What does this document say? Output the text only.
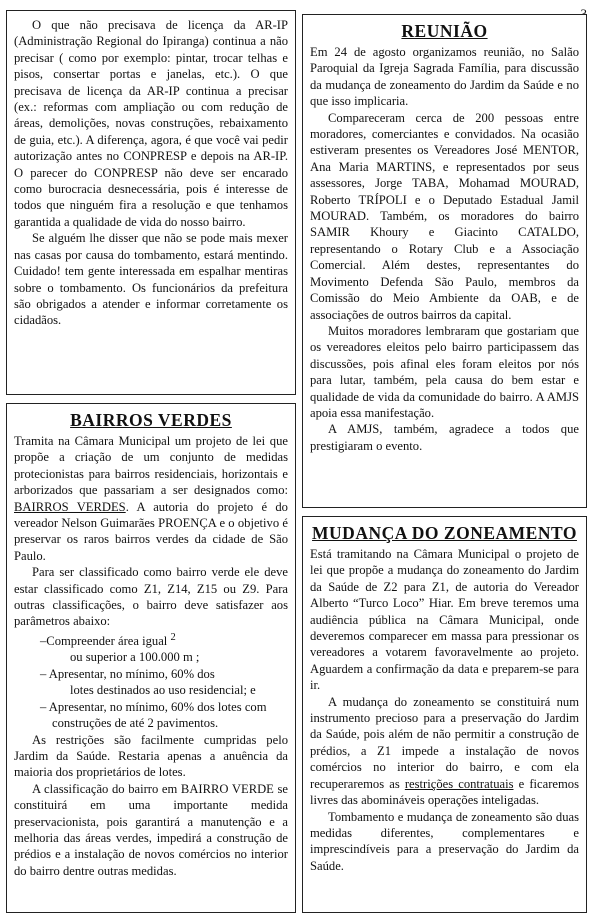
O que não precisava de licença da AR-IP (Administração Regional do Ipiranga) continua a não precisar ( como por exemplo: pintar, trocar telhas e pisos, consertar portas e janelas, etc.). O que precisava de licença da AR-IP continua a precisar (ex.: reformas com ampliação ou com redução de áreas, demolições, novas construções, rebaixamento de guia, etc.). A diferença, agora, é que você vai pedir autorização antes no CONPRESP e depois na AR-IP. O parecer do CONPRESP não deve ser encarado como burocracia desnecessária, pois é interesse de todos que ninguém fira a resolução e que tenhamos garantida a qualidade de vida do nosso bairro.

Se alguém lhe disser que não se pode mais mexer nas casas por causa do tombamento, estará mentindo. Cuidado! tem gente interessada em espalhar mentiras sobre o tombamento. Os funcionários da prefeitura são obrigados a atender e informar corretamente os cidadãos.

REUNIÃO

Em 24 de agosto organizamos reunião, no Salão Paroquial da Igreja Sagrada Família, para discussão da mudança de zoneamento do Jardim da Saúde e no que isso implicaria.

Compareceram cerca de 200 pessoas entre moradores, comerciantes e convidados. Na ocasião estiveram presentes os Vereadores José MENTOR, Ana Maria MARTINS, e representados por seus assessores, Jorge TABA, Mohamad MOURAD, Roberto TRÍPOLI e o Deputado Estadual Jamil MOURAD. Também, os moradores do bairro SAMIR Khoury e Giacinto CATALDO, representando o Rotary Club e a Associação Comercial. Além destes, representantes do Movimento Defenda São Paulo, membros da Comissão do Meio Ambiente da OAB, e de associações de outros bairros da capital.

Muitos moradores lembraram que gostariam que os vereadores eleitos pelo bairro participassem das discussões, pois afinal eles foram eleitos por nós para lutar, também, pela causa do bem estar e qualidade de vida da comunidade do bairro. A AMJS apoia essa manifestação.

A AMJS, também, agradece a todos que prestigiaram o evento.

BAIRROS VERDES

Tramita na Câmara Municipal um projeto de lei que propõe a criação de um conjunto de medidas protecionistas para bairros residenciais, horizontais e arborizados que passariam a ser designados como: BAIRROS VERDES. A autoria do projeto é do vereador Nelson Guimarães PROENÇA e o objetivo é preservar os raros bairros verdes da cidade de São Paulo.

Para ser classificado como bairro verde ele deve estar classificado como Z1, Z14, Z15 ou Z9. Para outras classificações, o bairro deve satisfazer aos parâmetros abaixo:

–Compreender área igual $^2$
ou superior a 100.000 m ;
– Apresentar, no mínimo, 60% dos
lotes destinados ao uso residencial; e
– Apresentar, no mínimo, 60% dos lotes com construções de até 2 pavimentos.

As restrições são facilmente cumpridas pelo Jardim da Saúde. Restaria apenas a anuência da maioria dos proprietários de lotes.

A classificação do bairro em BAIRRO VERDE se constituirá em uma importante medida preservacionista, pois garantirá a manutenção e a melhoria das áreas verdes, impedirá a construção de prédios e a instalação de novos comércios no interior do bairro dentre outras medidas.

MUDANÇA DO ZONEAMENTO

Está tramitando na Câmara Municipal o projeto de lei que propõe a mudança do zoneamento do Jardim da Saúde de Z2 para Z1, de autoria do Vereador Alberto “Turco Loco” Hiar. Em breve teremos uma audiência pública na Câmara Municipal, onde deveremos comparecer em massa para pressionar os vereadores a votarem favoravelmente ao projeto. Aguardem a confirmação da data e preparem-se para ir.

A mudança do zoneamento se constituirá num instrumento precioso para a preservação do Jardim da Saúde, pois além de não permitir a construção de prédios, a Z1 impede a instalação de novos comércios no interior do bairro, e com ela recuperaremos as restrições contratuais e ficaremos livres das abomináveis operações inteligadas.

Tombamento e mudança de zoneamento são duas medidas diferentes, complementares e imprescindíveis para a preservação do Jardim da Saúde.
